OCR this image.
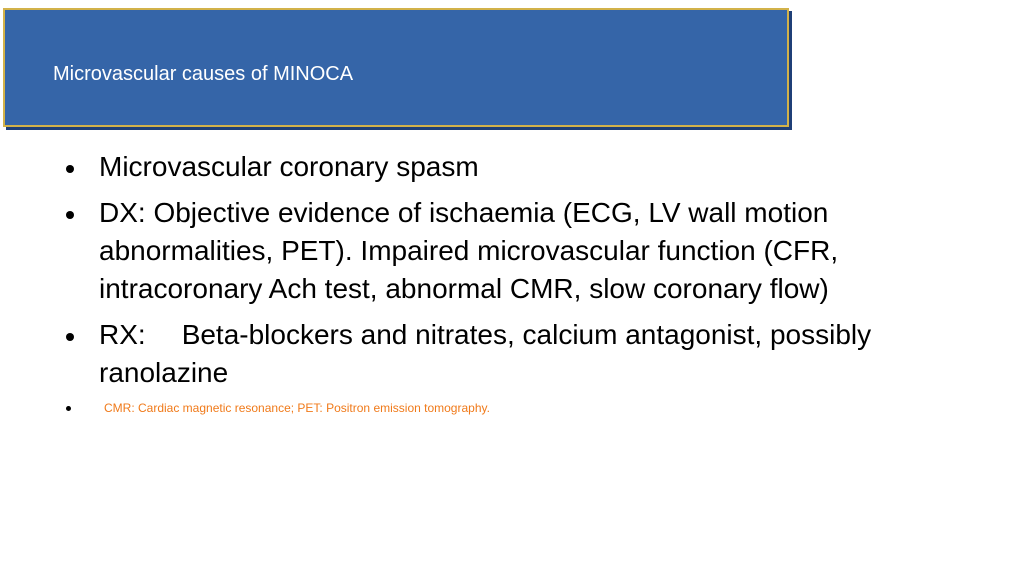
Microvascular causes of MINOCA
Microvascular coronary spasm
DX: Objective evidence of ischaemia (ECG, LV wall motion abnormalities, PET). Impaired microvascular function (CFR, intracoronary Ach test, abnormal CMR, slow coronary flow)
RX: Beta-blockers and nitrates, calcium antagonist, possibly ranolazine
CMR: Cardiac magnetic resonance; PET: Positron emission tomography.
